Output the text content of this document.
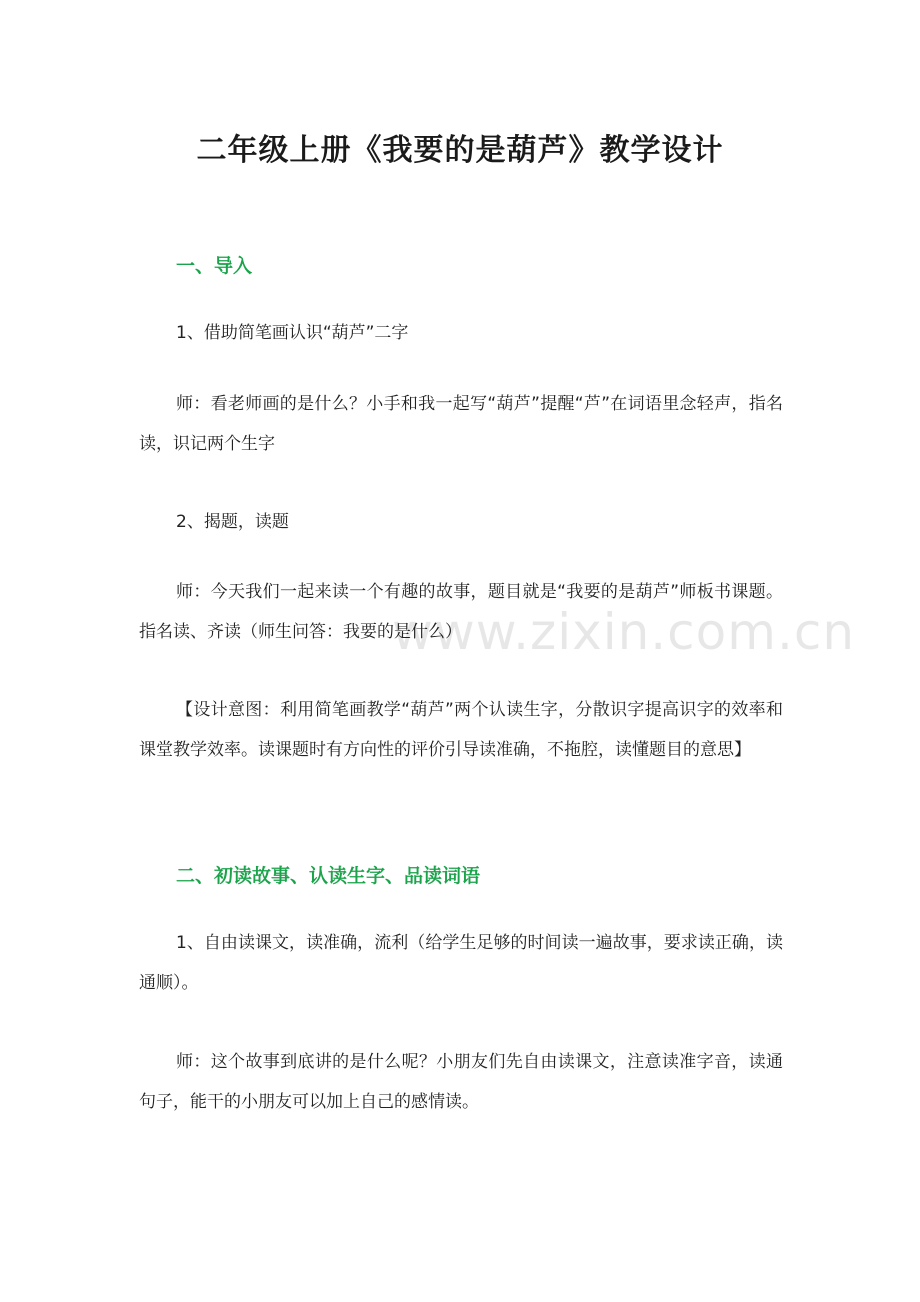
二年级上册《我要的是葫芦》教学设计
一、导入
1、借助简笔画认识“葫芦”二字
师：看老师画的是什么？小手和我一起写“葫芦”提醒“芦”在词语里念轻声，指名读，识记两个生字
2、揭题，读题
师：今天我们一起来读一个有趣的故事，题目就是“我要的是葫芦”师板书课题。指名读、齐读（师生问答：我要的是什么）
【设计意图：利用简笔画教学“葫芦”两个认读生字，分散识字提高识字的效率和课堂教学效率。读课题时有方向性的评价引导读准确，不拖腔，读懂题目的意思】
二、初读故事、认读生字、品读词语
1、自由读课文，读准确，流利（给学生足够的时间读一遍故事，要求读正确，读通顺）。
师：这个故事到底讲的是什么呢？小朋友们先自由读课文，注意读准字音，读通句子，能干的小朋友可以加上自己的感情读。
www.zixin.com.cn
